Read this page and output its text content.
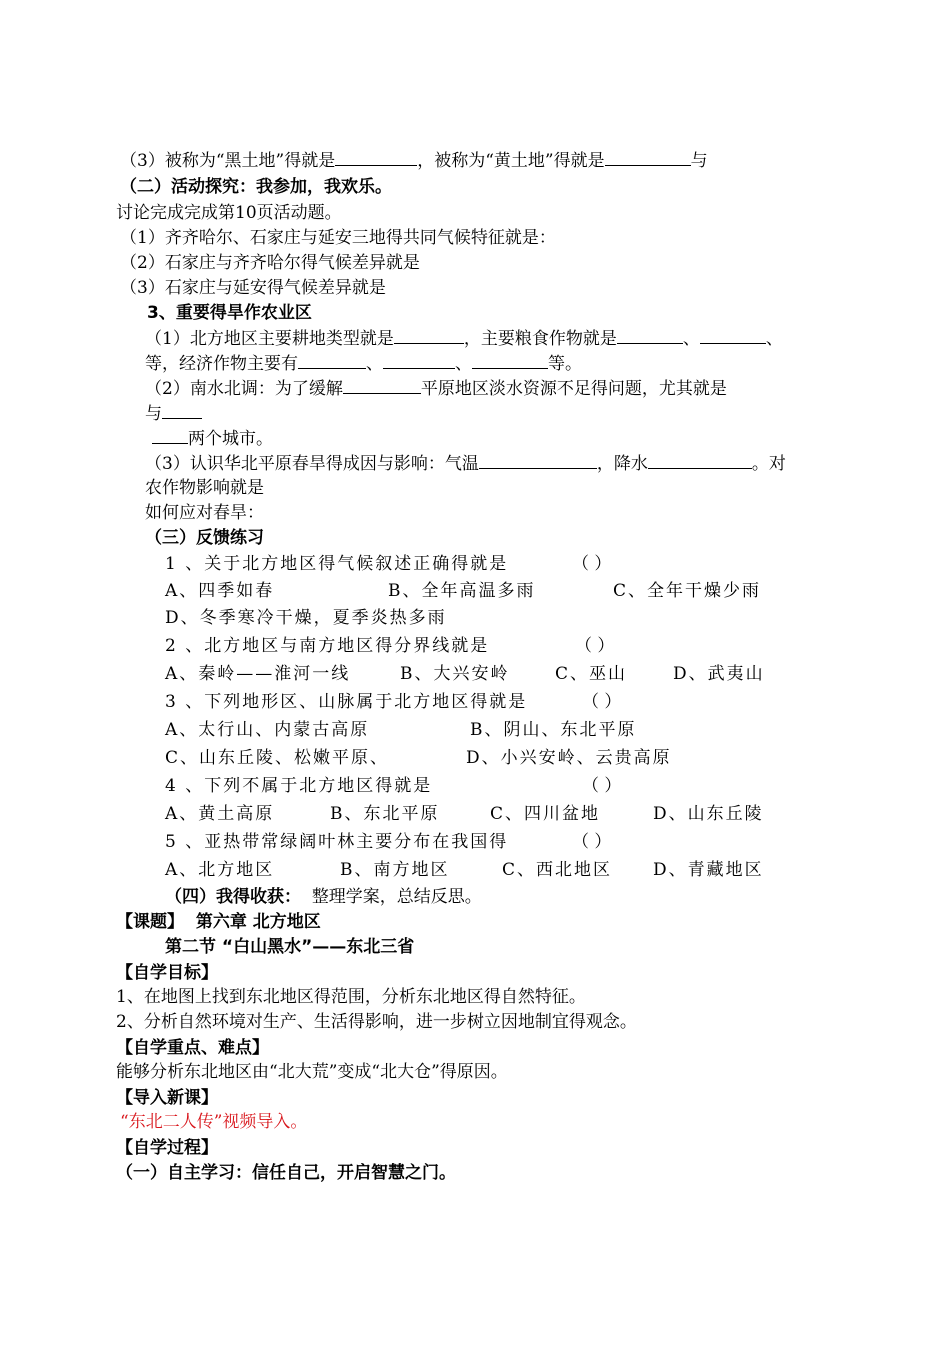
（3）被称为“黑土地”得就是	，被称为“黄土地”得就是	与
（二）活动探究：我参加，我欢乐。
讨论完成完成第10页活动题。
（1）齐齐哈尔、石家庄与延安三地得共同气候特征就是：
（2）石家庄与齐齐哈尔得气候差异就是
（3）石家庄与延安得气候差异就是
3、重要得旱作农业区
（1）北方地区主要耕地类型就是	，主要粮食作物就是	、	、
等，经济作物主要有	、	、	等。
（2）南水北调：为了缓解	平原地区淡水资源不足得问题，尤其就是
与
两个城市。
（3）认识华北平原春旱得成因与影响：气温	，降水	。对
农作物影响就是
如何应对春旱：
（三）反馈练习
1 、关于北方地区得气候叙述正确得就是	（ ）
A、四季如春	B、全年高温多雨	C、全年干燥少雨
D、冬季寒冷干燥，夏季炎热多雨
2 、北方地区与南方地区得分界线就是	（ ）
A、秦岭——淮河一线	B、大兴安岭	C、巫山	D、武夷山
3 、下列地形区、山脉属于北方地区得就是	（ ）
A、太行山、内蒙古高原	B、阴山、东北平原
C、山东丘陵、松嫩平原、	D、小兴安岭、云贵高原
4 、下列不属于北方地区得就是	（ ）
A、黄土高原	B、东北平原	C、四川盆地	D、山东丘陵
5 、亚热带常绿阔叶林主要分布在我国得	（ ）
A、北方地区	B、南方地区	C、西北地区 D、青藏地区
（四）我得收获： 整理学案，总结反思。
【课题】 第六章 北方地区
第二节 “白山黑水”——东北三省
【自学目标】
1、在地图上找到东北地区得范围，分析东北地区得自然特征。
2、分析自然环境对生产、生活得影响，进一步树立因地制宜得观念。
【自学重点、难点】
能够分析东北地区由“北大荒”变成“北大仓”得原因。
【导入新课】
“东北二人传”视频导入。
【自学过程】
（一）自主学习：信任自己，开启智慧之门。
